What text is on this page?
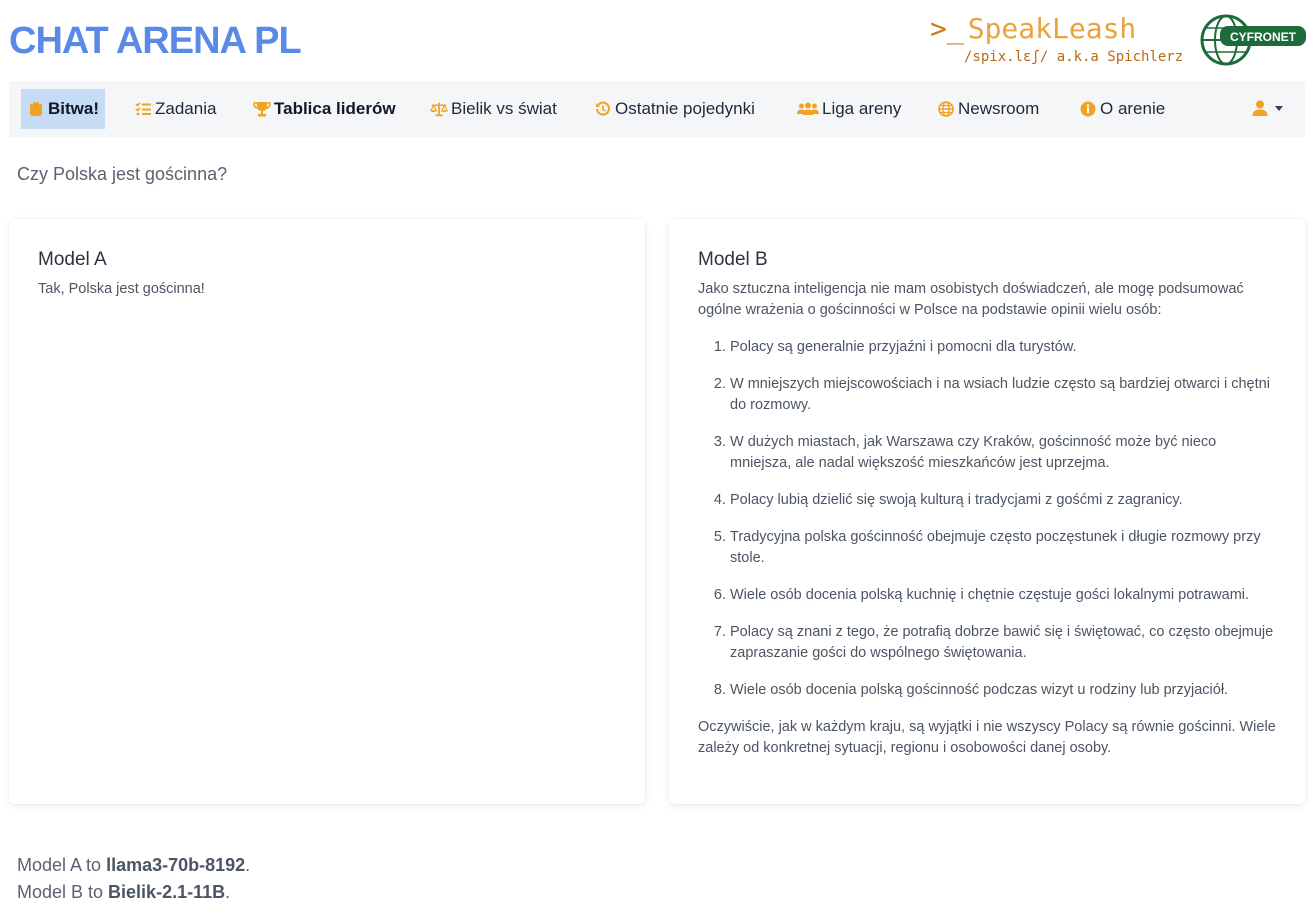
CHAT ARENA PL	>_ SpeakLeash
/spix.lɛʃ/ a.k.a Spichlerz
CYFRONET
Bitwa!	Zadania	Tablica liderów	Bielik vs świat	Ostatnie pojedynki	Liga areny	Newsroom	O arenie
Czy Polska jest gościnna?
Model A

Tak, Polska jest gościnna!

Model B

Jako sztuczna inteligencja nie mam osobistych doświadczeń, ale mogę podsumować ogólne wrażenia o gościnności w Polsce na podstawie opinii wielu osób:

1. Polacy są generalnie przyjaźni i pomocni dla turystów.
2. W mniejszych miejscowościach i na wsiach ludzie często są bardziej otwarci i chętni do rozmowy.
3. W dużych miastach, jak Warszawa czy Kraków, gościnność może być nieco mniejsza, ale nadal większość mieszkańców jest uprzejma.
4. Polacy lubią dzielić się swoją kulturą i tradycjami z gośćmi z zagranicy.
5. Tradycyjna polska gościnność obejmuje często poczęstunek i długie rozmowy przy stole.
6. Wiele osób docenia polską kuchnię i chętnie częstuje gości lokalnymi potrawami.
7. Polacy są znani z tego, że potrafią dobrze bawić się i świętować, co często obejmuje zapraszanie gości do wspólnego świętowania.
8. Wiele osób docenia polską gościnność podczas wizyt u rodziny lub przyjaciół.

Oczywiście, jak w każdym kraju, są wyjątki i nie wszyscy Polacy są równie gościnni. Wiele zależy od konkretnej sytuacji, regionu i osobowości danej osoby.

Model A to llama3-70b-8192.
Model B to Bielik-2.1-11B.
